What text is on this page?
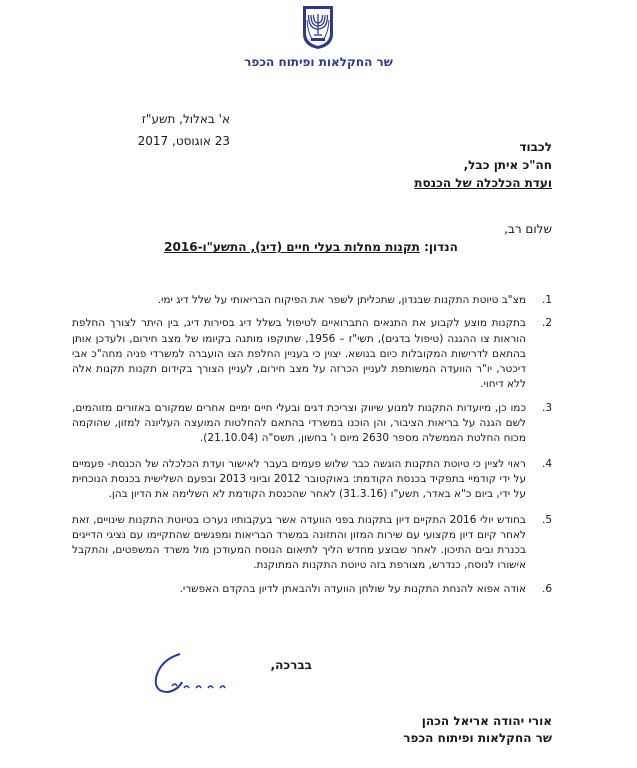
שר החקלאות ופיתוח הכפר
א' באלול, תשע"ז
23 אוגוסט, 2017	לכבוד
חה"כ איתן כבל,
ועדת הכלכלה של הכנסת
שלום רב,
הנדון: תקנות מחלות בעלי חיים (דיג), התשע"ו-2016
1.
מצ"ב טיוטת התקנות שבנדון, שתכליתן לשפר את הפיקוח הבריאותי על שלל דיג ימי.
2.
בתקנות מוצע לקבוע את התנאים התברואיים לטיפול בשלל דיג בסירות דיג, בין היתר לצורך החלפת הוראות צו ההגנה (טיפול בדגים), תשי"ז – 1956, שתוקפו מותנה בקיומו של מצב חירום, ולעדכן אותן בהתאם לדרישות המקובלות כיום בנושא. יצוין כי בעניין החלפת הצו הועברה למשרדי פניה מחה"כ אבי דיכטר, יו"ר הוועדה המשותפת לעניין הכרזה על מצב חירום, לעניין הצורך בקידום תקנות תקנות אלה ללא דיחוי.
3.
כמו כן, מיועדות התקנות למנוע שיווק וצריכת דגים ובעלי חיים ימיים אחרים שמקורם באזורים מזוהמים, לשם הגנה על בריאות הציבור, והן הוכנו במשרדי בהתאם להחלטות המועצה העליונה למזון, שהוקמה מכוח החלטת הממשלה מספר 2630 מיום ו' בחשון, תשס"ה (21.10.04).
4.
ראוי לציין כי טיוטת התקנות הוגשה כבר שלוש פעמים בעבר לאישור ועדת הכלכלה של הכנסת- פעמיים על ידי קודמיי בתפקיד בכנסת הקודמת: באוקטובר 2012 וביוני 2013 ובפעם השלישית בכנסת הנוכחית על ידי, ביום כ"א באדר, תשע"ו (31.3.16) לאחר שהכנסת הקודמת לא השלימה את הדיון בהן.
5.
בחודש יולי 2016 התקיים דיון בתקנות בפני הוועדה אשר בעקבותיו נערכו בטיוטת התקנות שינויים, זאת לאחר קיום דיון מקצועי עם שירות המזון והתזונה במשרד הבריאות ומפגשים שהתקיימו עם נציגי הדייגים בכנרת ובים התיכון. לאחר שבוצע מחדש הליך לתיאום הנוסח המעודכן מול משרד המשפטים, והתקבל אישורו לנוסח, כנדרש, מצורפת בזה טיוטת התקנות המתוקנת.
6.
אודה אפוא להנחת התקנות על שולחן הוועדה ולהבאתן לדיון בהקדם האפשרי.
בברכה,
אורי יהודה אריאל הכהן
שר החקלאות ופיתוח הכפר
